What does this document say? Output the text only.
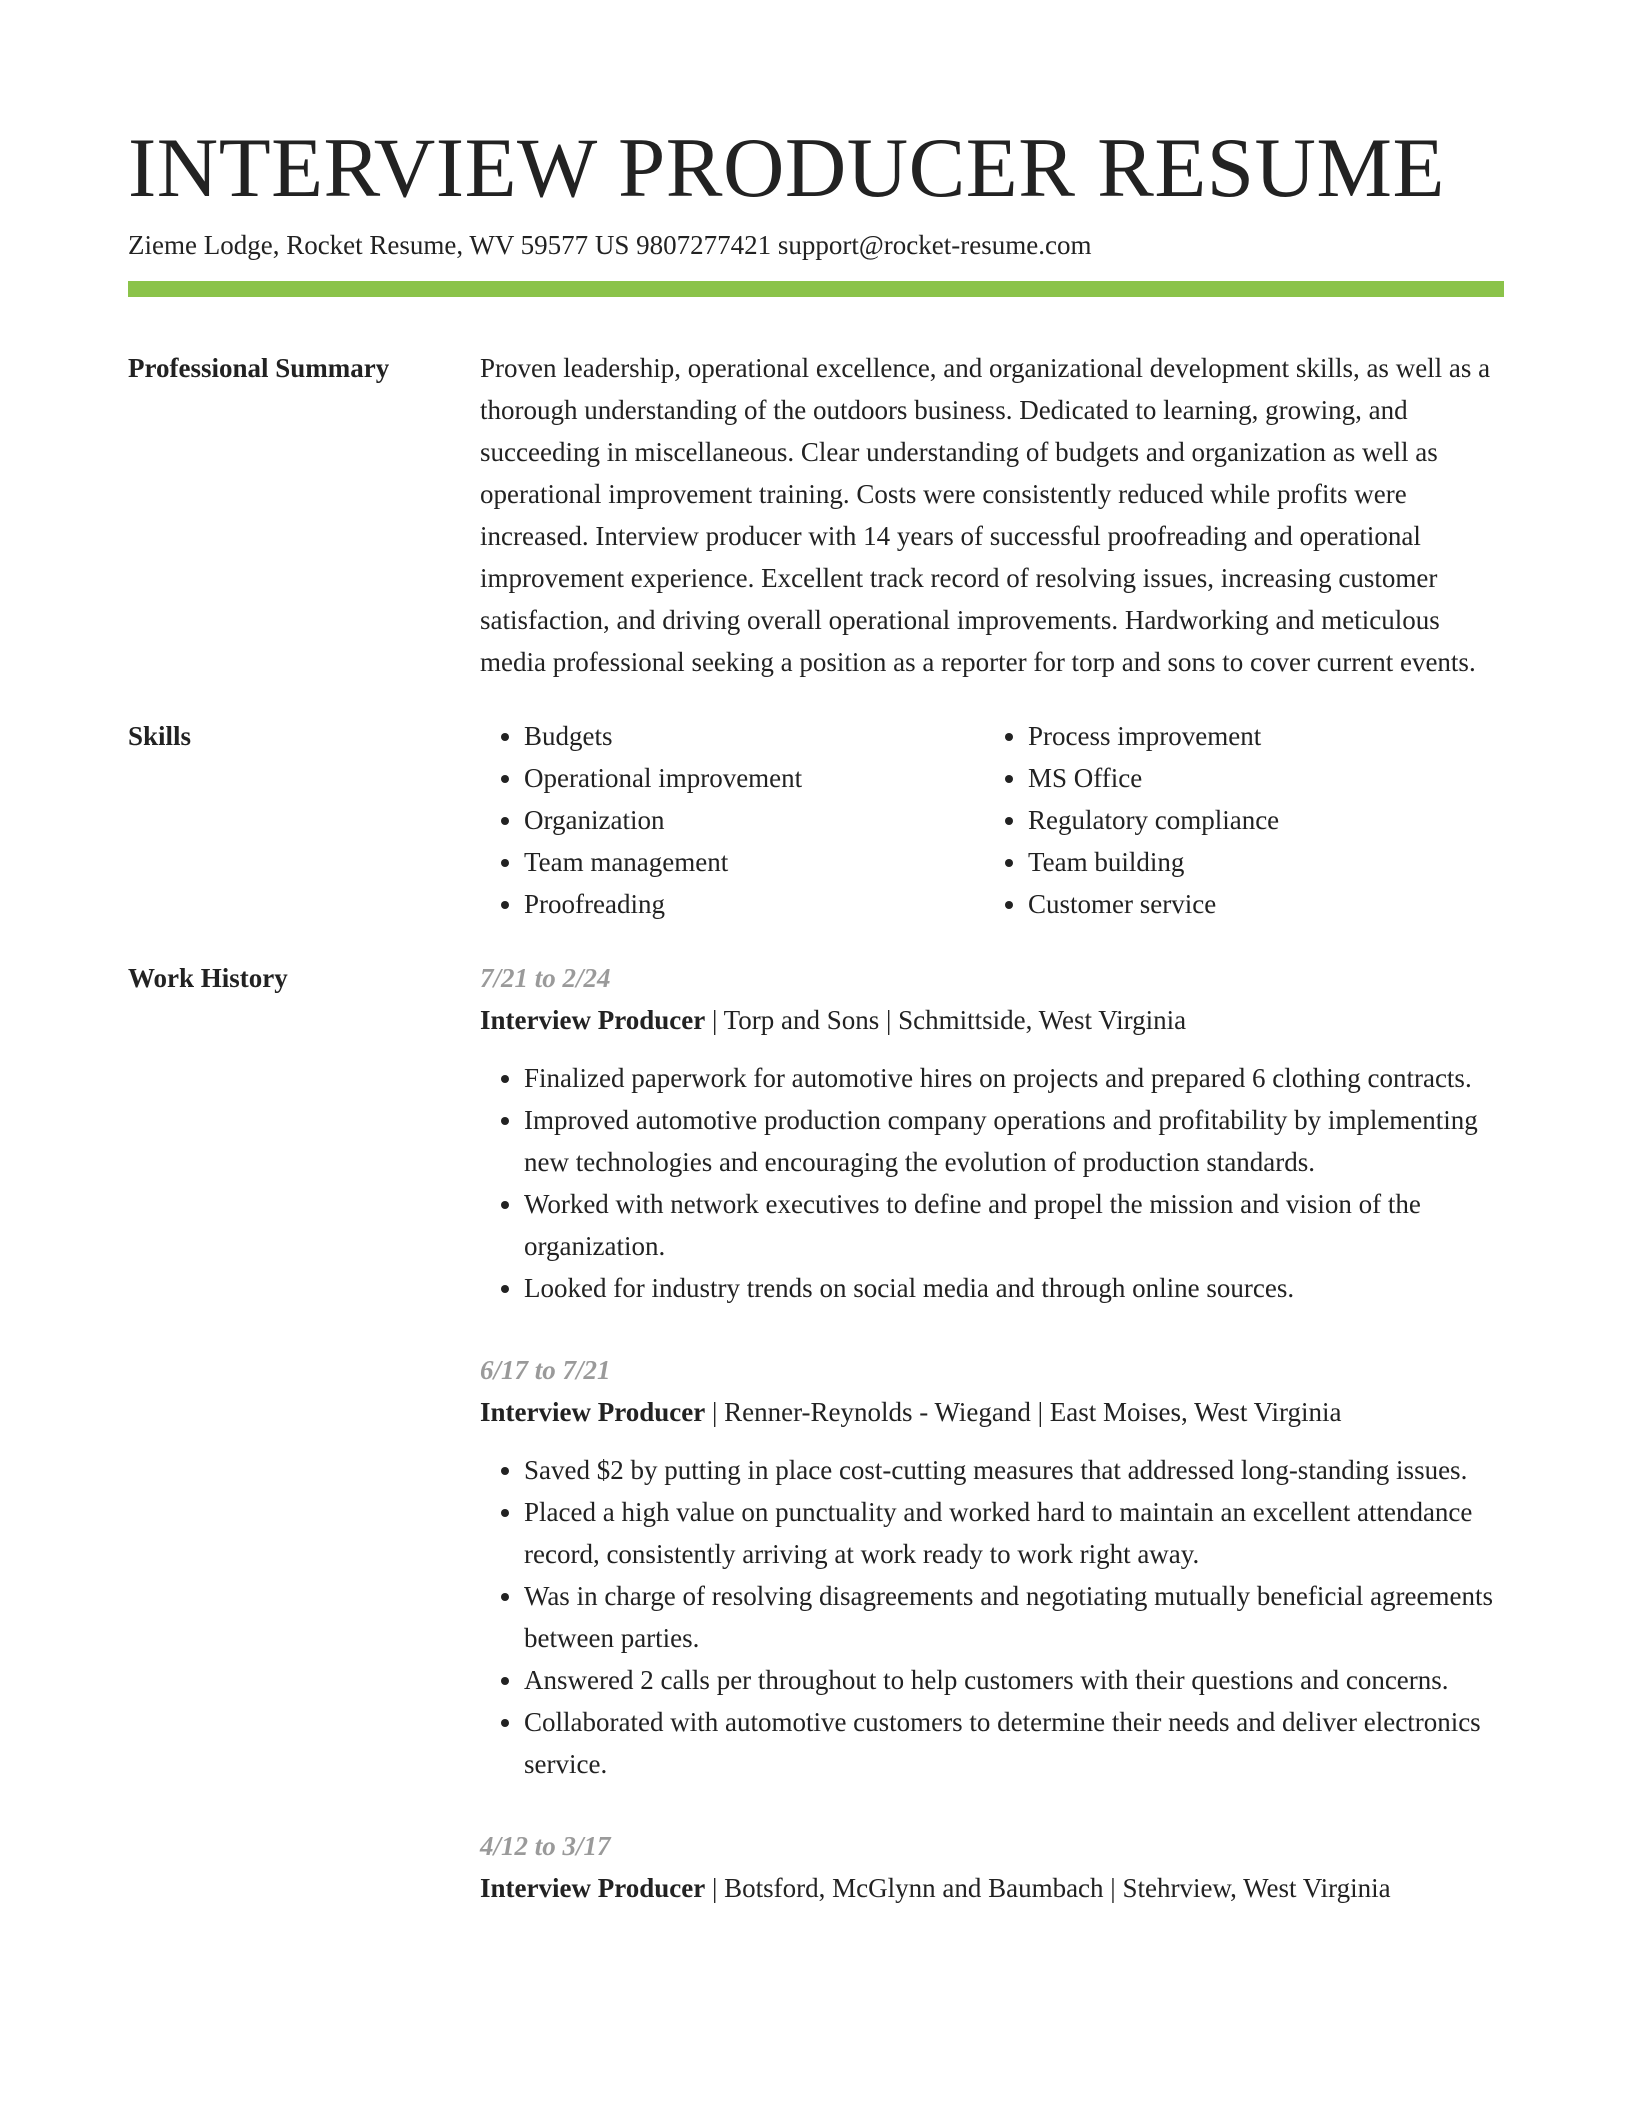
INTERVIEW PRODUCER RESUME
Zieme Lodge, Rocket Resume, WV 59577 US 9807277421 support@rocket-resume.com
Professional Summary	Proven leadership, operational excellence, and organizational development skills, as well as a thorough understanding of the outdoors business. Dedicated to learning, growing, and succeeding in miscellaneous. Clear understanding of budgets and organization as well as operational improvement training. Costs were consistently reduced while profits were increased. Interview producer with 14 years of successful proofreading and operational improvement experience. Excellent track record of resolving issues, increasing customer satisfaction, and driving overall operational improvements. Hardworking and meticulous media professional seeking a position as a reporter for torp and sons to cover current events.

Skills
•	Budgets
• Operational improvement
• Organization
• Team management
• Proofreading
• Process improvement
• MS Office
• Regulatory compliance
• Team building
• Customer service
Work History	7/21 to 2/24
Interview Producer | Torp and Sons | Schmittside, West Virginia
• Finalized paperwork for automotive hires on projects and prepared 6 clothing contracts.
• Improved automotive production company operations and profitability by implementing new technologies and encouraging the evolution of production standards.
• Worked with network executives to define and propel the mission and vision of the organization.
• Looked for industry trends on social media and through online sources.
6/17 to 7/21
Interview Producer | Renner-Reynolds - Wiegand | East Moises, West Virginia
• Saved $2 by putting in place cost-cutting measures that addressed long-standing issues.
• Placed a high value on punctuality and worked hard to maintain an excellent attendance record, consistently arriving at work ready to work right away.
• Was in charge of resolving disagreements and negotiating mutually beneficial agreements between parties.
• Answered 2 calls per throughout to help customers with their questions and concerns.
• Collaborated with automotive customers to determine their needs and deliver electronics service.
4/12 to 3/17
Interview Producer | Botsford, McGlynn and Baumbach | Stehrview, West Virginia
